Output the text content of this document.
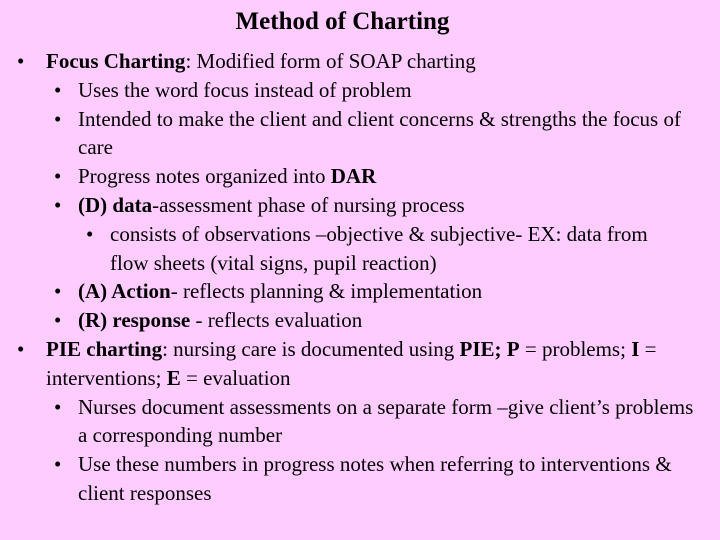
Method of Charting
• Focus Charting: Modified form of SOAP charting
• Uses the word focus instead of problem
• Intended to make the client and client concerns & strengths the focus of care
• Progress notes organized into DAR
• (D) data-assessment phase of nursing process
• consists of observations –objective & subjective- EX: data from flow sheets (vital signs, pupil reaction)
• (A) Action- reflects planning & implementation
• (R) response - reflects evaluation
• PIE charting: nursing care is documented using PIE; P = problems; I = interventions; E = evaluation
• Nurses document assessments on a separate form –give client’s problems a corresponding number
• Use these numbers in progress notes when referring to interventions & client responses
